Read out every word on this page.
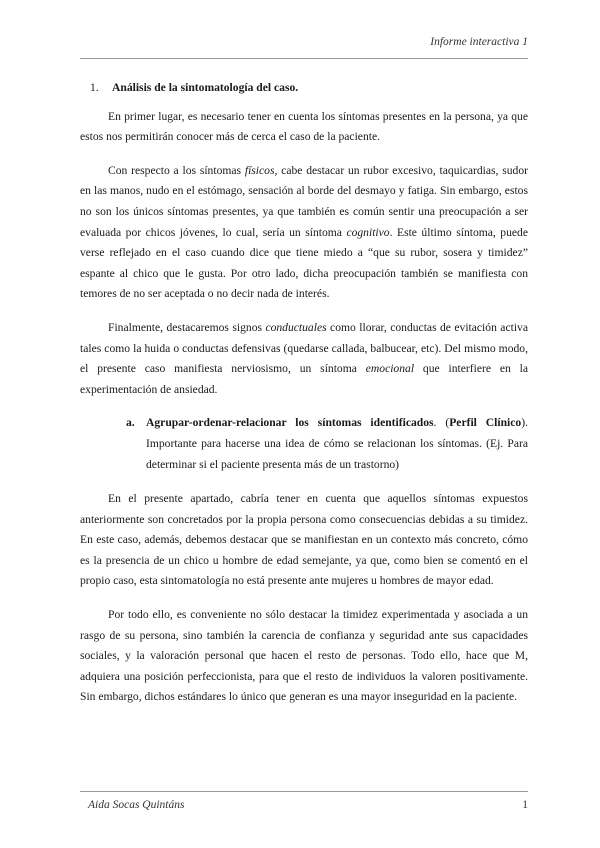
Informe interactiva 1
1. Análisis de la sintomatología del caso.

En primer lugar, es necesario tener en cuenta los síntomas presentes en la persona, ya que estos nos permitirán conocer más de cerca el caso de la paciente.

Con respecto a los síntomas físicos, cabe destacar un rubor excesivo, taquicardias, sudor en las manos, nudo en el estómago, sensación al borde del desmayo y fatiga. Sin embargo, estos no son los únicos síntomas presentes, ya que también es común sentir una preocupación a ser evaluada por chicos jóvenes, lo cual, sería un síntoma cognitivo. Este último síntoma, puede verse reflejado en el caso cuando dice que tiene miedo a “que su rubor, sosera y timidez” espante al chico que le gusta. Por otro lado, dicha preocupación también se manifiesta con temores de no ser aceptada o no decir nada de interés.

Finalmente, destacaremos signos conductuales como llorar, conductas de evitación activa tales como la huida o conductas defensivas (quedarse callada, balbucear, etc). Del mismo modo, el presente caso manifiesta nerviosismo, un síntoma emocional que interfiere en la experimentación de ansiedad.

a. Agrupar-ordenar-relacionar los síntomas identificados. (Perfil Clínico). Importante para hacerse una idea de cómo se relacionan los síntomas. (Ej. Para determinar si el paciente presenta más de un trastorno)

En el presente apartado, cabría tener en cuenta que aquellos síntomas expuestos anteriormente son concretados por la propia persona como consecuencias debidas a su timidez. En este caso, además, debemos destacar que se manifiestan en un contexto más concreto, cómo es la presencia de un chico u hombre de edad semejante, ya que, como bien se comentó en el propio caso, esta sintomatología no está presente ante mujeres u hombres de mayor edad.

Por todo ello, es conveniente no sólo destacar la timidez experimentada y asociada a un rasgo de su persona, sino también la carencia de confianza y seguridad ante sus capacidades sociales, y la valoración personal que hacen el resto de personas. Todo ello, hace que M, adquiera una posición perfeccionista, para que el resto de individuos la valoren positivamente. Sin embargo, dichos estándares lo único que generan es una mayor inseguridad en la paciente.

Aida Socas Quintáns	1
